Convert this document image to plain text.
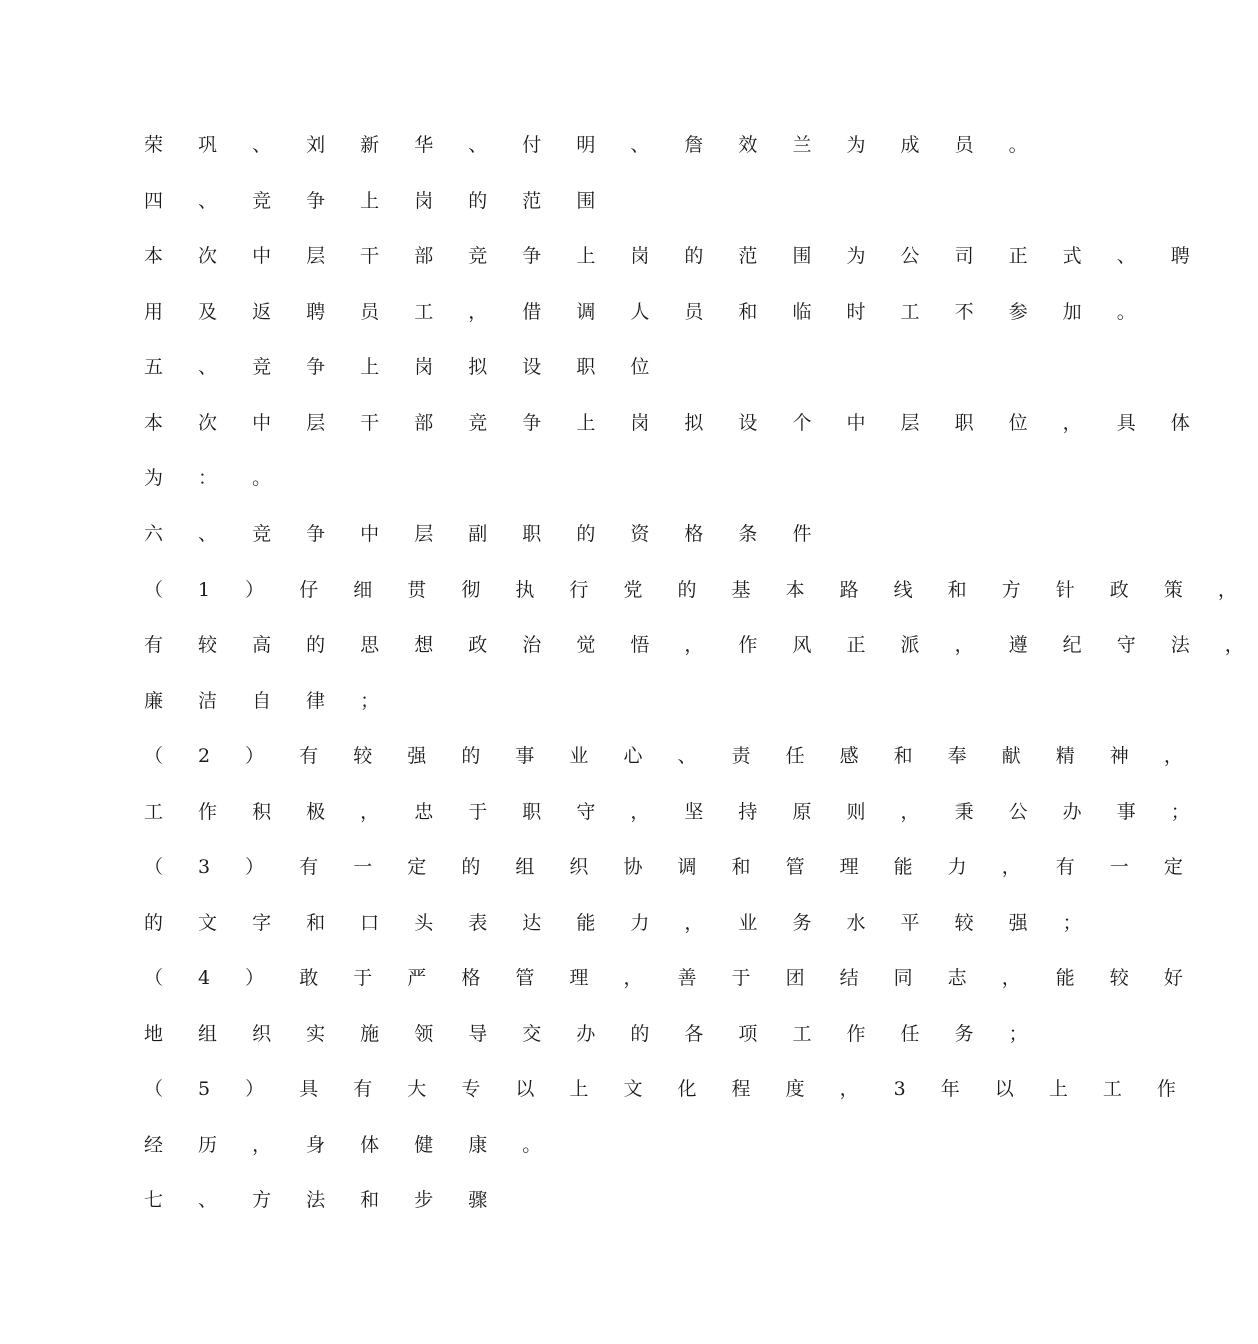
荣 巩 、 刘 新 华 、 付 明 、 詹 效 兰 为 成 员 。
四 、 竞 争 上 岗 的 范 围
本 次 中 层 干 部 竞 争 上 岗 的 范 围 为 公 司 正 式 、 聘
用 及 返 聘 员 工 ， 借 调 人 员 和 临 时 工 不 参 加 。
五 、 竞 争 上 岗 拟 设 职 位
本 次 中 层 干 部 竞 争 上 岗 拟 设 个 中 层 职 位 ， 具 体
为 ： 。
六 、 竞 争 中 层 副 职 的 资 格 条 件
（ 1 ） 仔 细 贯 彻 执 行 党 的 基 本 路 线 和 方 针 政 策 ，
有 较 高 的 思 想 政 治 觉 悟 ， 作 风 正 派 ， 遵 纪 守 法 ，
廉 洁 自 律 ；
（ 2 ） 有 较 强 的 事 业 心 、 责 任 感 和 奉 献 精 神 ，
工 作 积 极 ， 忠 于 职 守 ， 坚 持 原 则 ， 秉 公 办 事 ；
（ 3 ） 有 一 定 的 组 织 协 调 和 管 理 能 力 ， 有 一 定
的 文 字 和 口 头 表 达 能 力 ， 业 务 水 平 较 强 ；
（ 4 ） 敢 于 严 格 管 理 ， 善 于 团 结 同 志 ， 能 较 好
地 组 织 实 施 领 导 交 办 的 各 项 工 作 任 务 ；
（ 5 ） 具 有 大 专 以 上 文 化 程 度 ， 3 年 以 上 工 作
经 历 ， 身 体 健 康 。
七 、 方 法 和 步 骤
